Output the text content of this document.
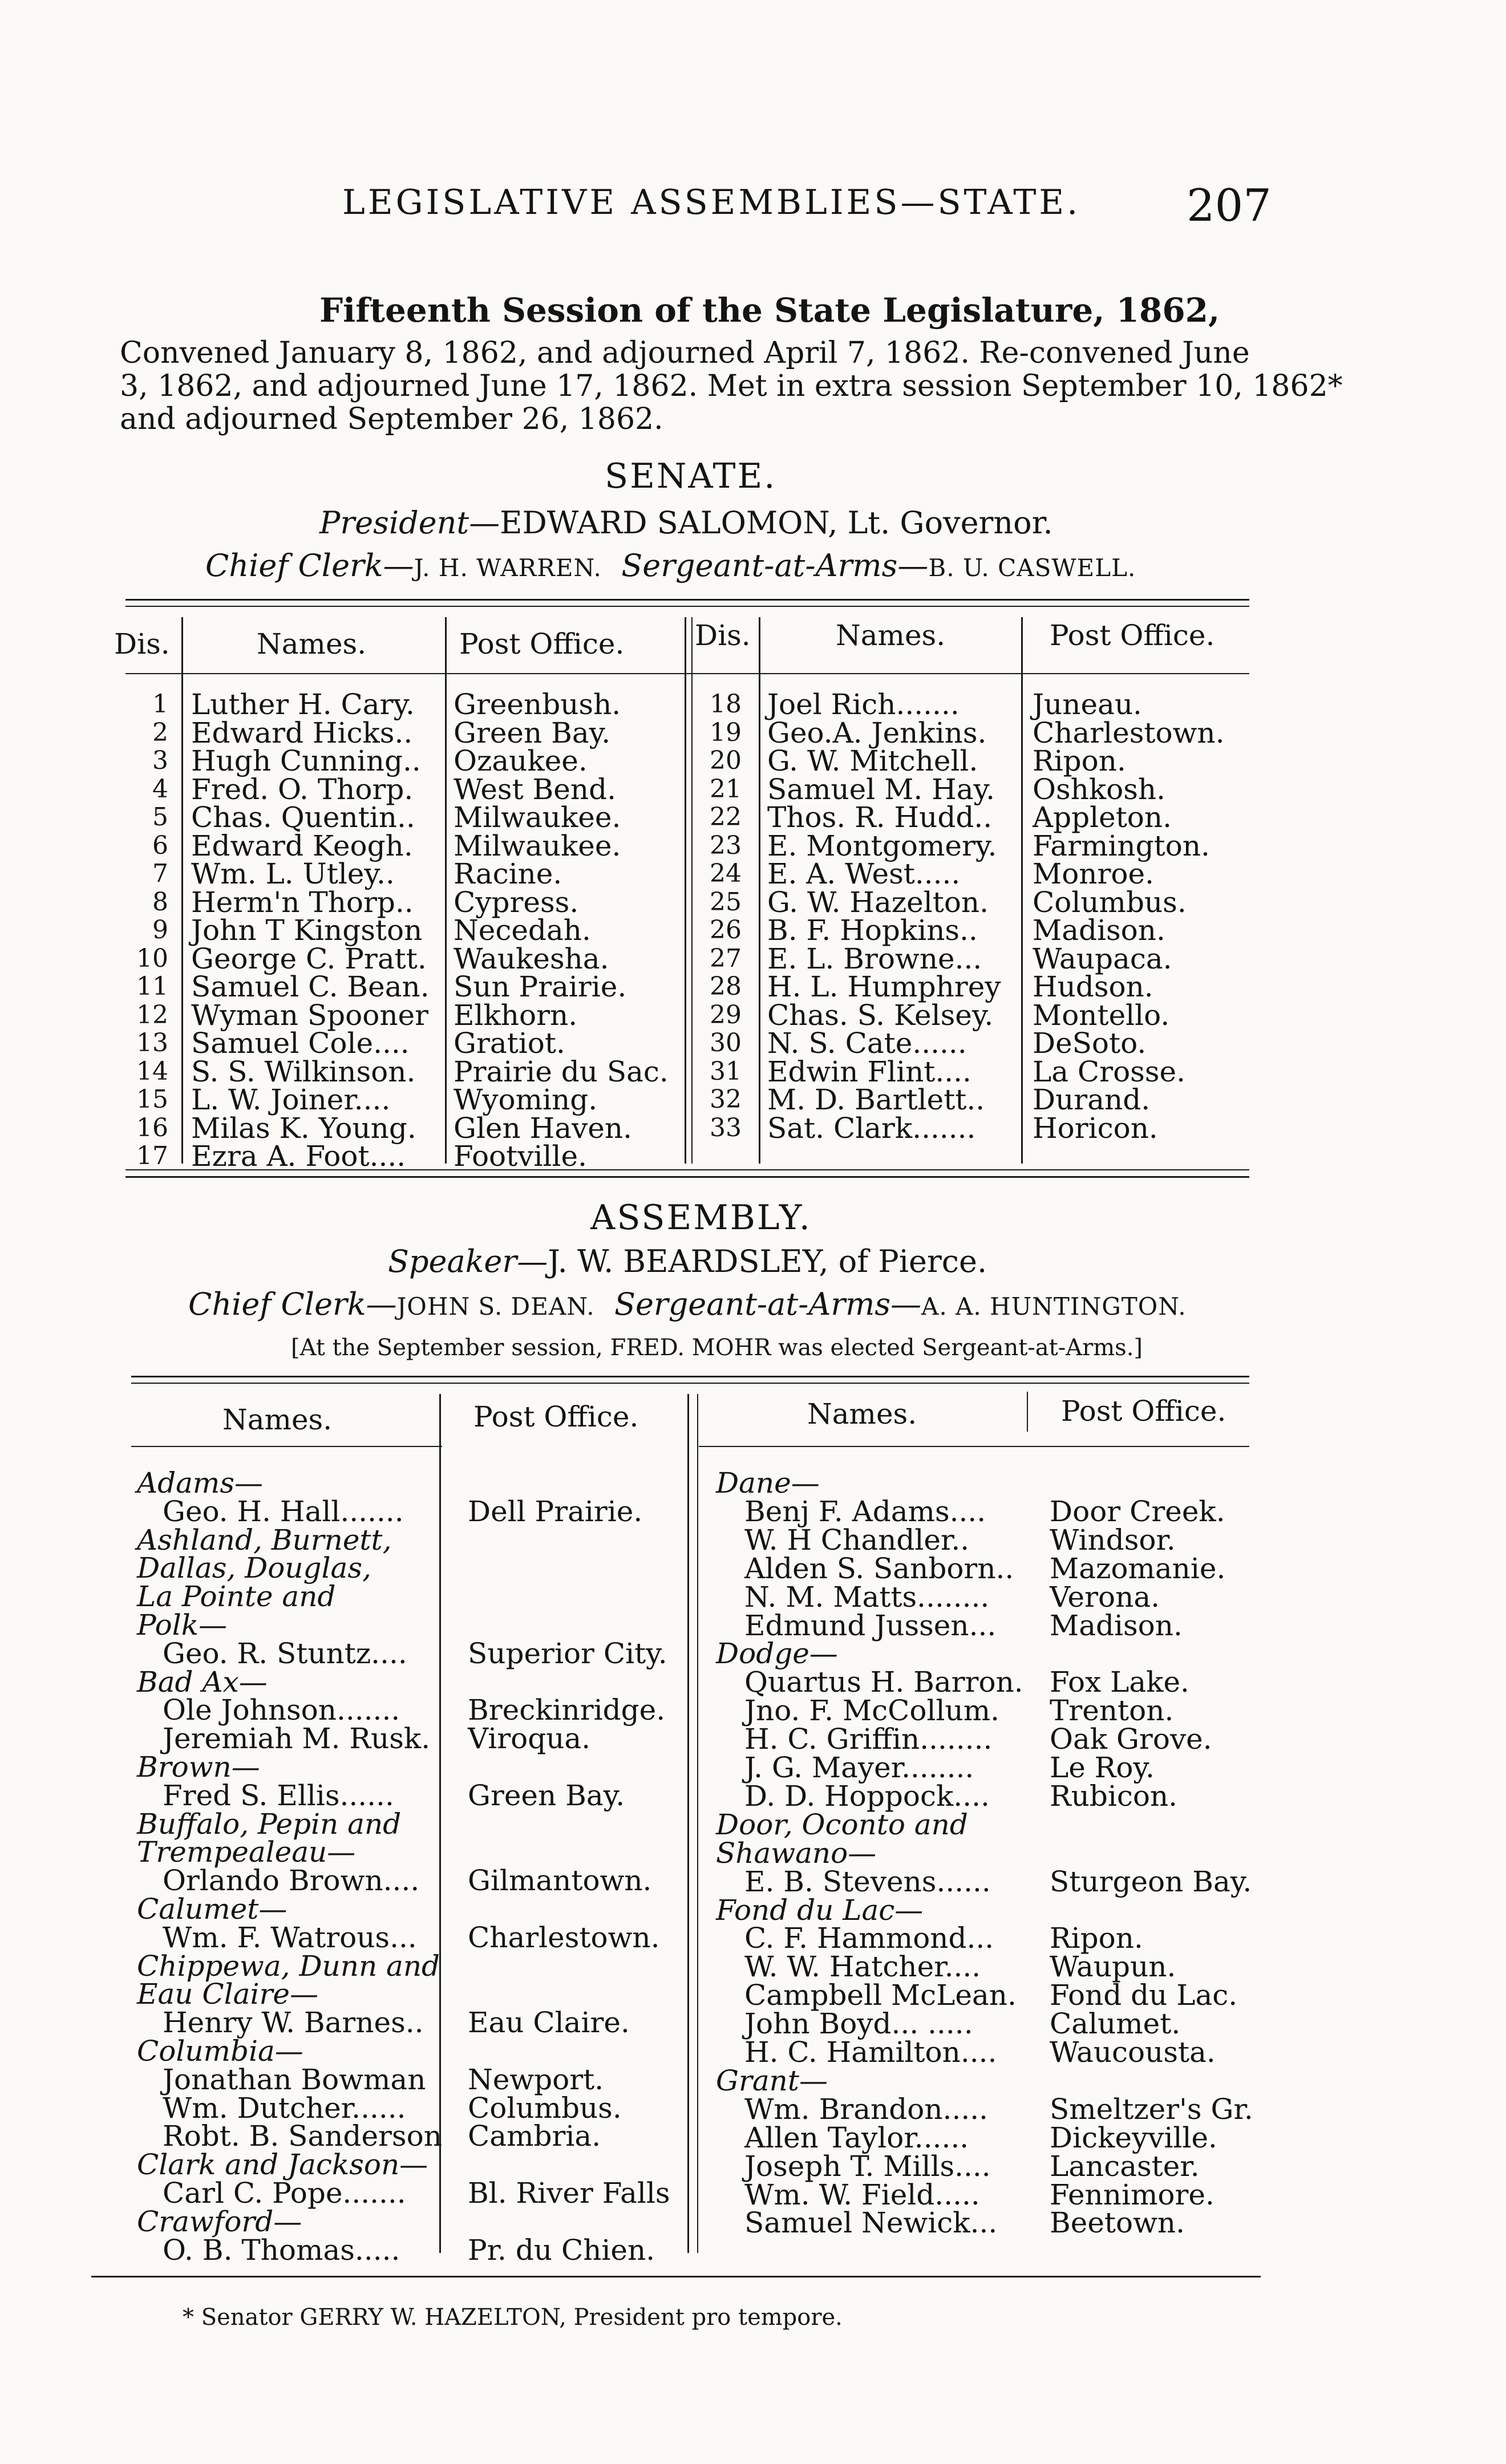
LEGISLATIVE ASSEMBLIES—STATE. 207
Fifteenth Session of the State Legislature, 1862,
Convened January 8, 1862, and adjourned April 7, 1862. Re-convened June
3, 1862, and adjourned June 17, 1862. Met in extra session September 10, 1862*
and adjourned September 26, 1862.
SENATE.
President—EDWARD SALOMON, Lt. Governor.
Chief Clerk—J. H. WARREN. Sergeant-at-Arms—B. U. CASWELL.
Dis.	Names.	Post Office. Dis.	Names.	Post Office.
1 Luther H. Cary. Greenbush.
2 Edward Hicks.. Green Bay.
3 Hugh Cunning.. Ozaukee.
4 Fred. O. Thorp. West Bend.
5 Chas. Quentin.. Milwaukee.
6 Edward Keogh. Milwaukee.
7 Wm. L. Utley.. Racine.
8 Herm'n Thorp.. Cypress.
9 John T Kingston Necedah.
10 George C. Pratt. Waukesha.
11 Samuel C. Bean. Sun Prairie.
12 Wyman Spooner Elkhorn.
13 Samuel Cole.... Gratiot.
14 S. S. Wilkinson. Prairie du Sac.
15 L. W. Joiner.... Wyoming.
16 Milas K. Young. Glen Haven.
17 Ezra A. Foot.... Footville.
18 Joel Rich.......	Juneau.
19 Geo.A. Jenkins. Charlestown.
20 G. W. Mitchell. Ripon.
21 Samuel M. Hay. Oshkosh.
22 Thos. R. Hudd.. Appleton.
23 E. Montgomery. Farmington.
24 E. A. West.....	Monroe.
25 G. W. Hazelton. Columbus.
26 B. F. Hopkins.. Madison.
27 E. L. Browne... Waupaca.
28 H. L. Humphrey Hudson.
29 Chas. S. Kelsey. Montello.
30 N. S. Cate...... DeSoto.
31 Edwin Flint.... La Crosse.
32 M. D. Bartlett.. Durand.
33 Sat. Clark....... Horicon.
ASSEMBLY.
Speaker—J. W. BEARDSLEY, of Pierce.
Chief Clerk—JOHN S. DEAN. Sergeant-at-Arms—A. A. HUNTINGTON.
[At the September session, FRED. MOHR was elected Sergeant-at-Arms.]
Names.	Post Office.	Names.	Post Office.
Adams—
Geo. H. Hall....... Dell Prairie.
Ashland, Burnett,
Dallas, Douglas,
La Pointe and
Polk—
Geo. R. Stuntz.... Superior City.
Bad Ax—
Ole Johnson....... Breckinridge.
Jeremiah M. Rusk. Viroqua.
Brown—
Fred S. Ellis......	Green Bay.
Buffalo, Pepin and
Trempealeau—
Orlando Brown.... Gilmantown.
Calumet—
Wm. F. Watrous... Charlestown.
Chippewa, Dunn and
Eau Claire—
Henry W. Barnes.. Eau Claire.
Columbia—
Jonathan Bowman Newport.
Wm. Dutcher...... Columbus.
Robt. B. Sanderson Cambria.
Clark and Jackson—
Carl C. Pope....... Bl. River Falls
Crawford—
O. B. Thomas..... Pr. du Chien.
Dane—
Benj F. Adams.... Door Creek.
W. H Chandler..	Windsor.
Alden S. Sanborn.. Mazomanie.
N. M. Matts........ Verona.
Edmund Jussen... Madison.
Dodge—
Quartus H. Barron. Fox Lake.
Jno. F. McCollum. Trenton.
H. C. Griffin........ Oak Grove.
J. G. Mayer........	Le Roy.
D. D. Hoppock.... Rubicon.
Door, Oconto and
Shawano—
E. B. Stevens...... Sturgeon Bay.
Fond du Lac—
C. F. Hammond... Ripon.
W. W. Hatcher.... Waupun.
Campbell McLean. Fond du Lac.
John Boyd... .....	Calumet.
H. C. Hamilton.... Waucousta.
Grant—
Wm. Brandon..... Smeltzer's Gr.
Allen Taylor......	Dickeyville.
Joseph T. Mills.... Lancaster.
Wm. W. Field..... Fennimore.
Samuel Newick... Beetown.
* Senator GERRY W. HAZELTON, President pro tempore.
